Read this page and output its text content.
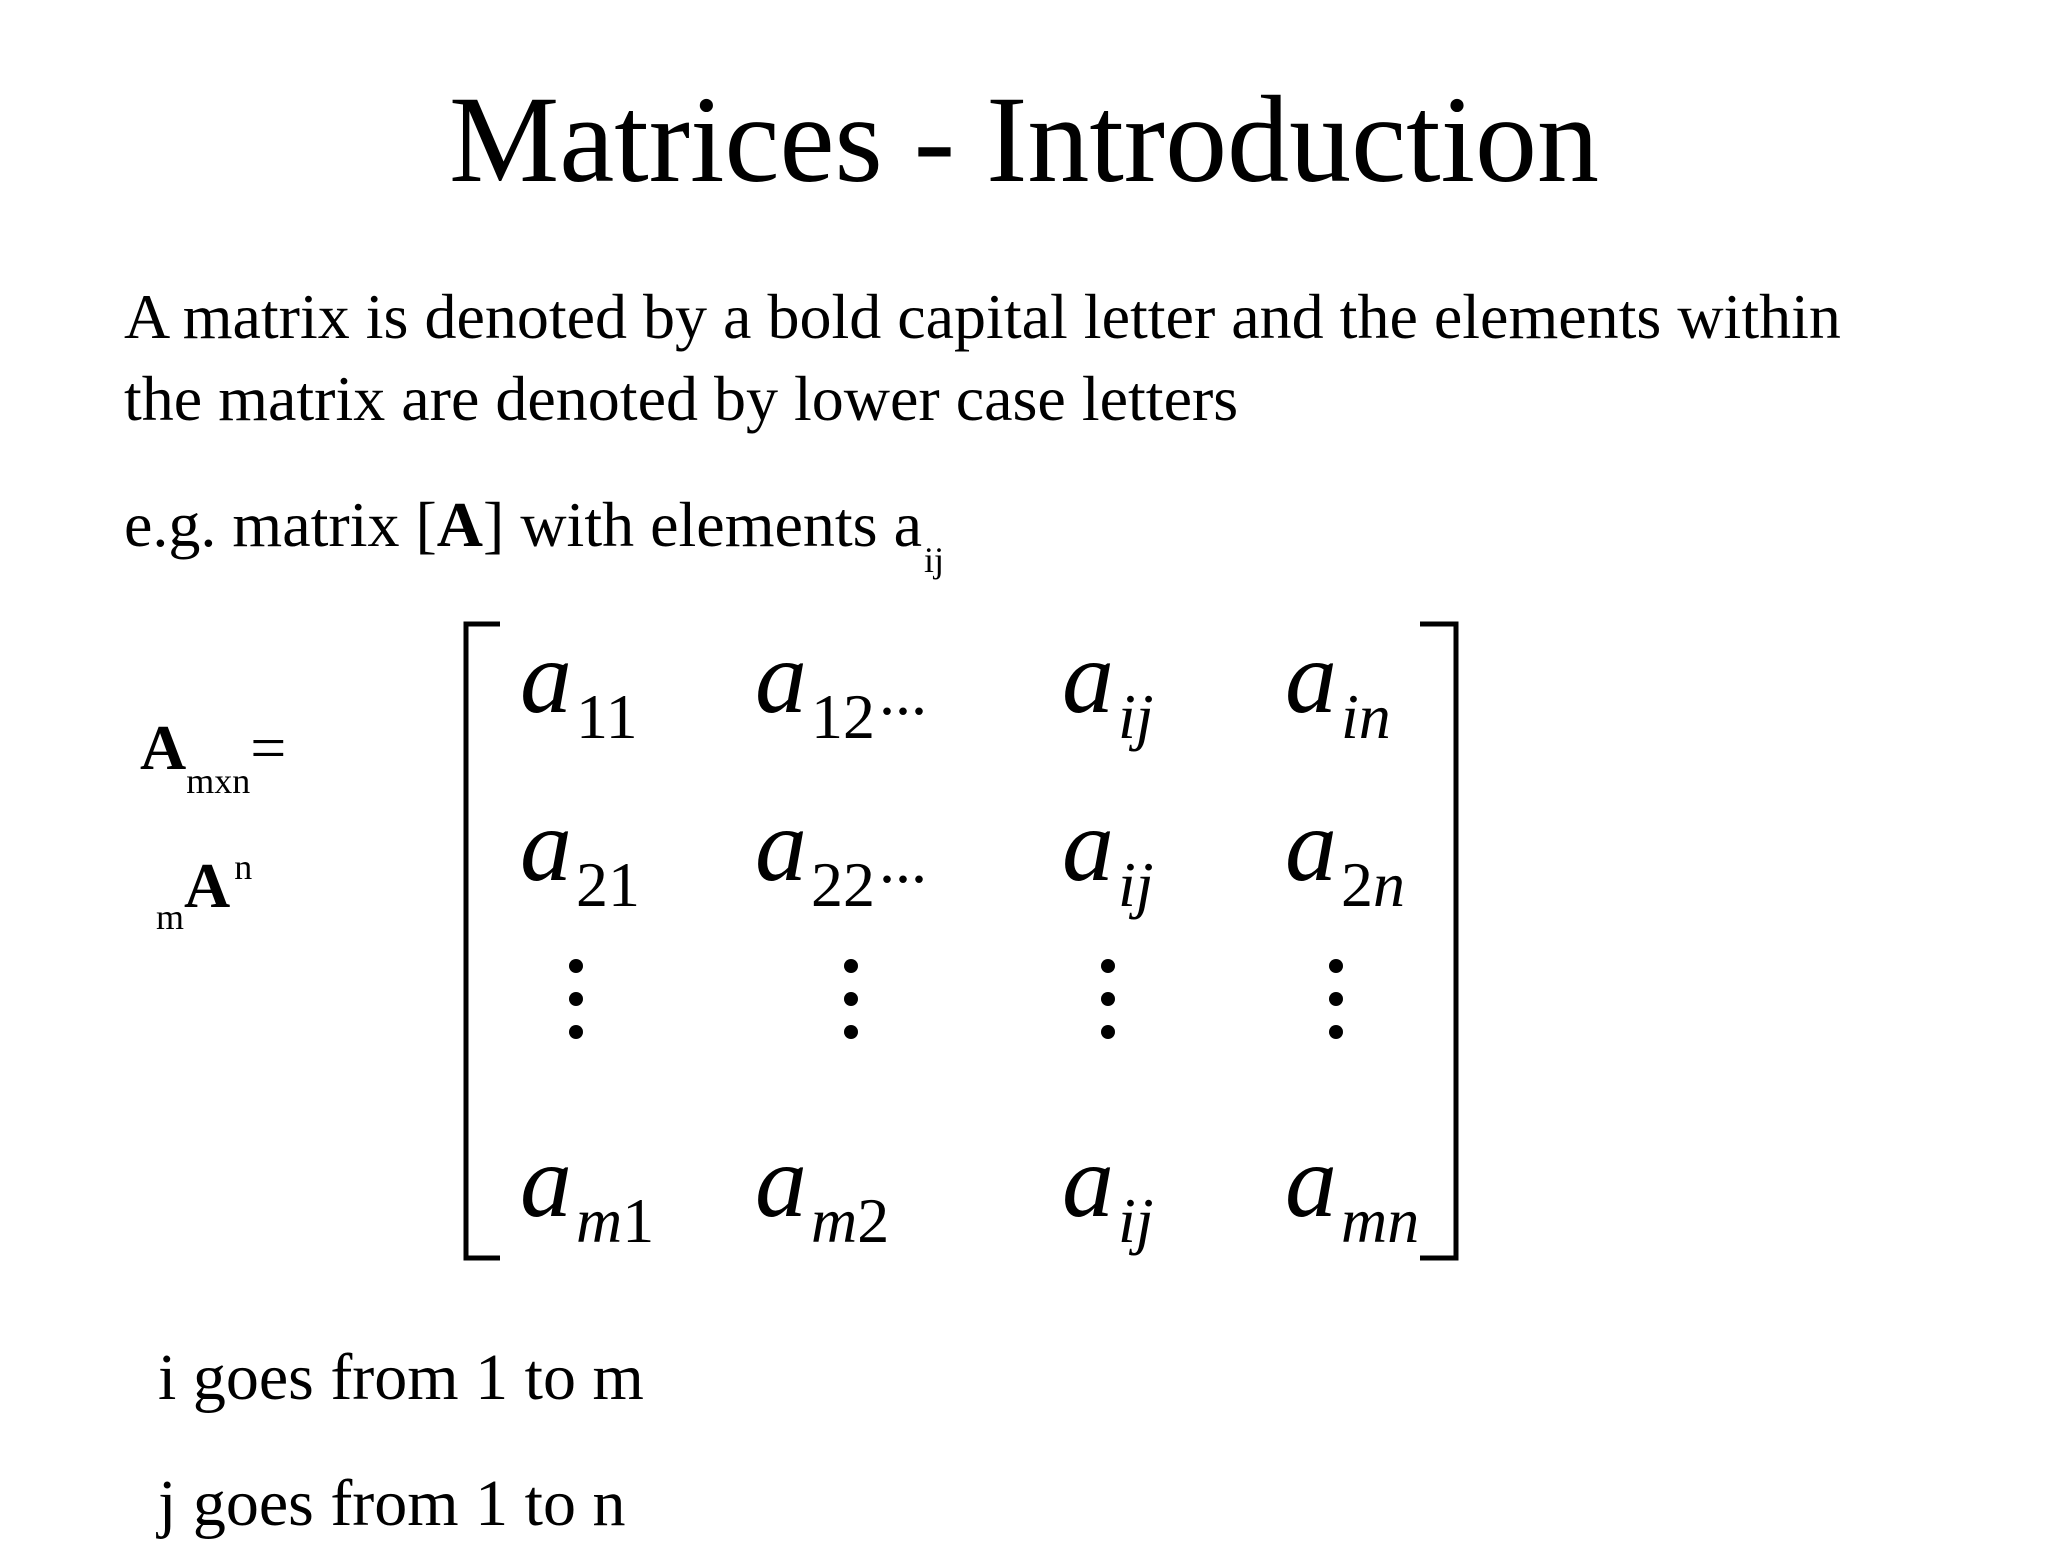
Matrices - Introduction
A matrix is denoted by a bold capital letter and the elements within the matrix are denoted by lower case letters
e.g. matrix [A] with elements $a_{ij}$
$A_{mxn}=$
$_m$A $^n$
$a_11$ $a_12^{...}$ $a_ij$ $a_in$
$a_21$ $a_22^{...}$ $a_ij$ $a_2n$
$a_m1$ $a_m2$ $a_ij$ $a_mn$
i goes from 1 to m
j goes from 1 to n
